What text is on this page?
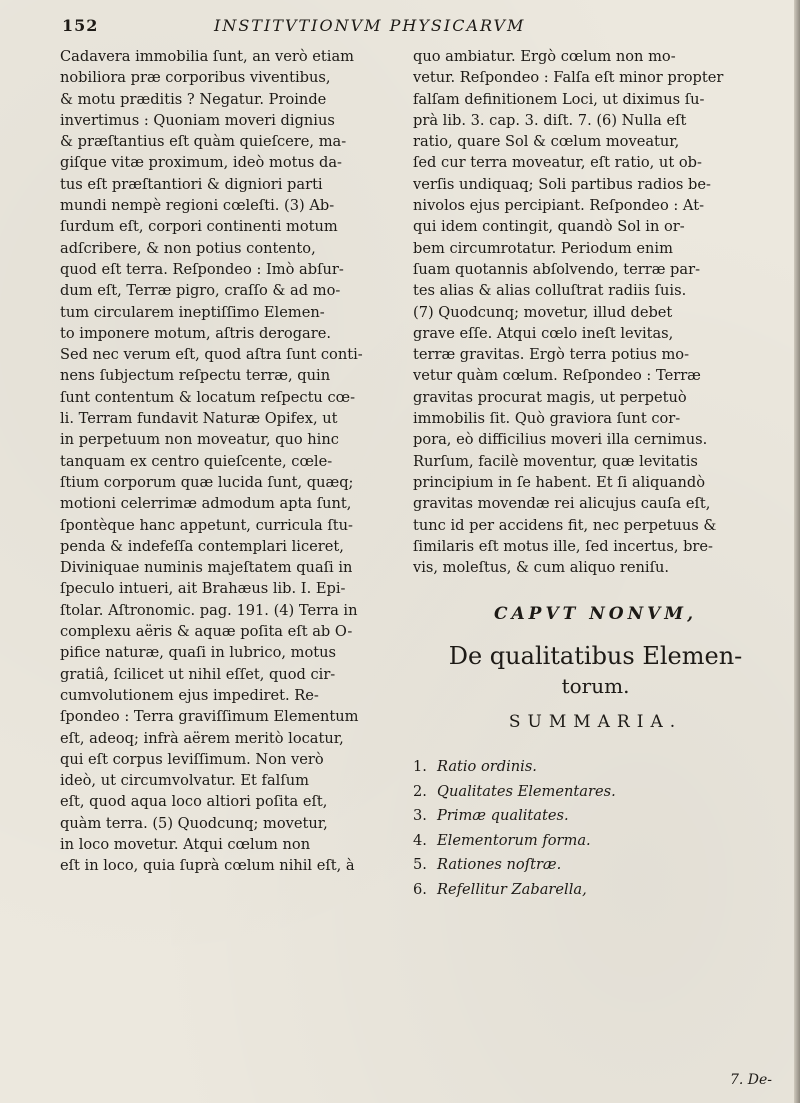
152	INSTITVTIONVM PHYSICARVM
Cadavera immobilia ſunt, an verò etiam
nobiliora præ corporibus viventibus,
& motu præditis ? Negatur. Proinde
invertimus : Quoniam moveri dignius
& præſtantius eſt quàm quieſcere, ma-
giſque vitæ proximum, ideò motus da-
tus eſt præſtantiori & digniori parti
mundi nempè regioni cœleſti. (3) Ab-
ſurdum eſt, corpori continenti motum
adſcribere, & non potius contento,
quod eſt terra. Reſpondeo : Imò abſur-
dum eſt, Terræ pigro, craſſo & ad mo-
tum circularem ineptiſſimo Elemen-
to imponere motum, aſtris derogare.
Sed nec verum eſt, quod aſtra ſunt conti-
nens ſubjectum reſpectu terræ, quin
ſunt contentum & locatum reſpectu cœ-
li. Terram fundavit Naturæ Opifex, ut
in perpetuum non moveatur, quo hinc
tanquam ex centro quieſcente, cœle-
ſtium corporum quæ lucida ſunt, quæq;
motioni celerrimæ admodum apta ſunt,
ſpontèque hanc appetunt, curricula ſtu-
penda & indefeſſa contemplari liceret,
Diviniquae numinis majeſtatem quaſi in
ſpeculo intueri, ait Brahæus lib. I. Epi-
ſtolar. Aſtronomic. pag. 191. (4) Terra in
complexu aëris & aquæ poſita eſt ab O-
pifice naturæ, quaſi in lubrico, motus
gratiâ, ſcilicet ut nihil eſſet, quod cir-
cumvolutionem ejus impediret. Re-
ſpondeo : Terra graviſſimum Elementum
eſt, adeoq; infrà aërem meritò locatur,
qui eſt corpus leviſſimum. Non verò
ideò, ut circumvolvatur. Et falſum
eſt, quod aqua loco altiori poſita eſt,
quàm terra. (5) Quodcunq; movetur,
in loco movetur. Atqui cœlum non
eſt in loco, quia ſuprà cœlum nihil eſt, à
quo ambiatur. Ergò cœlum non mo-
vetur. Reſpondeo : Falſa eſt minor propter
falſam definitionem Loci, ut diximus ſu-
prà lib. 3. cap. 3. diſt. 7. (6) Nulla eſt
ratio, quare Sol & cœlum moveatur,
ſed cur terra moveatur, eſt ratio, ut ob-
verſis undiquaq; Soli partibus radios be-
nivolos ejus percipiant. Reſpondeo : At-
qui idem contingit, quandò Sol in or-
bem circumrotatur. Periodum enim
ſuam quotannis abſolvendo, terræ par-
tes alias & alias colluſtrat radiis ſuis.
(7) Quodcunq; movetur, illud debet
grave eſſe. Atqui cœlo ineſt levitas,
terræ gravitas. Ergò terra potius mo-
vetur quàm cœlum. Reſpondeo : Terræ
gravitas procurat magis, ut perpetuò
immobilis ſit. Quò graviora ſunt cor-
pora, eò difficilius moveri illa cernimus.
Rurſum, facilè moventur, quæ levitatis
principium in ſe habent. Et ſi aliquandò
gravitas movendæ rei alicujus cauſa eſt,
tunc id per accidens fit, nec perpetuus &
ſimilaris eſt motus ille, ſed incertus, bre-
vis, moleſtus, & cum aliquo reniſu.
CAPVT NONVM,
De qualitatibus Elemen-
torum.
SUMMARIA.
1. Ratio ordinis.
2. Qualitates Elementares.
3. Primæ qualitates.
4. Elementorum forma.
5. Rationes noſtræ.
6. Refellitur Zabarella,
7. De-
